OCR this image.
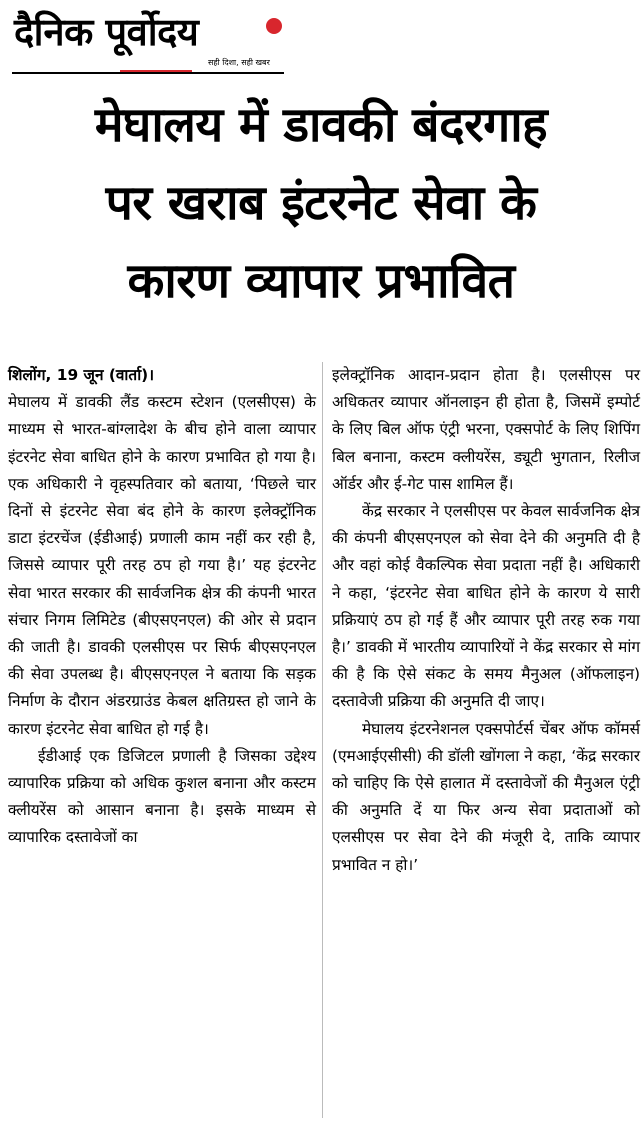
दैनिक पूर्वोदय
सही दिशा, सही खबर
मेघालय में डावकी बंदरगाह
पर खराब इंटरनेट सेवा के
कारण व्यापार प्रभावित

शिलोंग, 19 जून (वार्ता)।

मेघालय में डावकी लैंड कस्टम स्टेशन (एलसीएस) के माध्यम से भारत-बांग्लादेश के बीच होने वाला व्यापार इंटरनेट सेवा बाधित होने के कारण प्रभावित हो गया है। एक अधिकारी ने वृहस्पतिवार को बताया, ‘पिछले चार दिनों से इंटरनेट सेवा बंद होने के कारण इलेक्ट्रॉनिक डाटा इंटरचेंज (ईडीआई) प्रणाली काम नहीं कर रही है, जिससे व्यापार पूरी तरह ठप हो गया है।’ यह इंटरनेट सेवा भारत सरकार की सार्वजनिक क्षेत्र की कंपनी भारत संचार निगम लिमिटेड (बीएसएनएल) की ओर से प्रदान की जाती है। डावकी एलसीएस पर सिर्फ बीएसएनएल की सेवा उपलब्ध है। बीएसएनएल ने बताया कि सड़क निर्माण के दौरान अंडरग्राउंड केबल क्षतिग्रस्त हो जाने के कारण इंटरनेट सेवा बाधित हो गई है।

ईडीआई एक डिजिटल प्रणाली है जिसका उद्देश्य व्यापारिक प्रक्रिया को अधिक कुशल बनाना और कस्टम क्लीयरेंस को आसान बनाना है। इसके माध्यम से व्यापारिक दस्तावेजों का

इलेक्ट्रॉनिक आदान-प्रदान होता है। एलसीएस पर अधिकतर व्यापार ऑनलाइन ही होता है, जिसमें इम्पोर्ट के लिए बिल ऑफ एंट्री भरना, एक्सपोर्ट के लिए शिपिंग बिल बनाना, कस्टम क्लीयरेंस, ड्यूटी भुगतान, रिलीज ऑर्डर और ई-गेट पास शामिल हैं।

केंद्र सरकार ने एलसीएस पर केवल सार्वजनिक क्षेत्र की कंपनी बीएसएनएल को सेवा देने की अनुमति दी है और वहां कोई वैकल्पिक सेवा प्रदाता नहीं है। अधिकारी ने कहा, ‘इंटरनेट सेवा बाधित होने के कारण ये सारी प्रक्रियाएं ठप हो गई हैं और व्यापार पूरी तरह रुक गया है।’ डावकी में भारतीय व्यापारियों ने केंद्र सरकार से मांग की है कि ऐसे संकट के समय मैनुअल (ऑफलाइन) दस्तावेजी प्रक्रिया की अनुमति दी जाए।

मेघालय इंटरनेशनल एक्सपोर्टर्स चेंबर ऑफ कॉमर्स (एमआईएसीसी) की डॉली खोंगला ने कहा, ‘केंद्र सरकार को चाहिए कि ऐसे हालात में दस्तावेजों की मैनुअल एंट्री की अनुमति दें या फिर अन्य सेवा प्रदाताओं को एलसीएस पर सेवा देने की मंजूरी दे, ताकि व्यापार प्रभावित न हो।’
